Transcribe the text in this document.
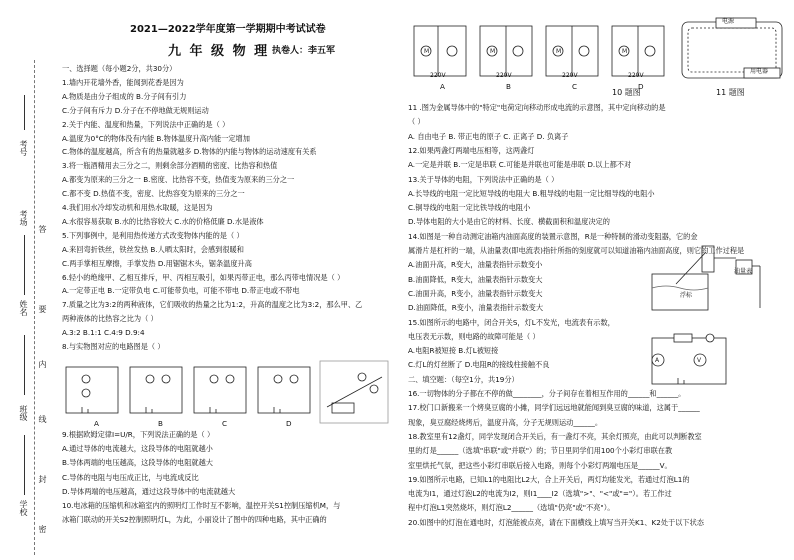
考号
考场
答
姓名 要
内
班级 线
学校
封
密
2021—2022学年度第一学期期中考试试卷
九 年 级 物 理 执卷人：李五军
一、选择题（每小题2分，共30分）
1.墙内开花墙外香，能闻到花香是因为
A.物质是由分子组成的 B.分子间有引力
C.分子间有斥力 D.分子在不停地做无规则运动
2.关于内能、温度和热量，下列说法中正确的是（ ）
A.温度为0°C的物体没有内能 B.物体温度升高内能一定增加
C.物体的温度越高，所含有的热量就越多 D.物体的内能与物体的运动速度有关系
3.将一瓶酒精用去三分之二，则剩余部分酒精的密度、比热容和热值
A.都变为原来的三分之一 B.密度、比热容不变，热值变为原来的三分之一
C.都不变 D.热值不变，密度、比热容变为原来的三分之一
4.我们用水冷却发动机和用热水取暖，这是因为
A.水很容易获取 B.水的比热容较大 C.水的价格低廉 D.水是液体
5.下列事例中，是利用热传递方式改变物体内能的是（ ）
A.来回弯折铁丝，铁丝发热 B.人晒太阳时，会感到很暖和
C.两手掌相互摩擦，手掌发热 D.用锯锯木头，锯条温度升高
6.轻小的绝缘甲、乙相互排斥，甲、丙相互吸引，如果丙带正电，那么丙带电情况是（ ）
A.一定带正电 B.一定带负电 C.可能带负电，可能不带电 D.带正电或不带电
7.质量之比为3:2的两种液体，它们吸收的热量之比为1:2，升高的温度之比为3:2，那么甲、乙
两种液体的比热容之比为（ ）
A.3:2 B.1:1 C.4:9 D.9:4
8.与实物图对应的电路图是（ ）
A	B	C	D
9.根据欧姆定律I=U/R，下列说法正确的是（ ）
A.通过导体的电流越大，这段导体的电阻就越小
B.导体两端的电压越高，这段导体的电阻就越大
C.导体的电阻与电压成正比，与电流成反比
D.导体两端的电压越高，通过这段导体中的电流就越大
10.电冰箱的压缩机和冰箱室内的照明灯工作时互不影响，温控开关S1控制压缩机M，与
冰箱门联动的开关S2控制照明灯L，为此，小丽设计了图中的四种电路，其中正确的
M	M	M	M
220V	220V	220V	220V
A	B	C	D
10 题图	11 题图
电源
用电器
油量表
浮标
A	V
11 .图为金属导体中的"特定"电荷定向移动形成电流的示意图，其中定向移动的是
（ ）
A. 自由电子 B. 带正电的原子 C. 正离子 D. 负离子
12.如果两盏灯两端电压相等，这两盏灯
A.一定是并联 B.一定是串联 C.可能是并联也可能是串联 D.以上都不对
13.关于导体的电阻，下列说法中正确的是（ ）
A.长导线的电阻一定比短导线的电阻大 B.粗导线的电阻一定比细导线的电阻小
C.铜导线的电阻一定比铁导线的电阻小
D.导体电阻的大小是由它的材料、长度、横截面积和温度决定的
14.如图是一种自动测定油箱内油面高度的装置示意图，R是一种特制的滑动变阻器，它的金
属滑片是杠杆的一端，从油量表(即电流表)指针所指的刻度就可以知道油箱内油面高度，则它的工作过程是
A.油面升高，R变大，油量表指针示数变小
B.油面降低，R变大，油量表指针示数变大
C.油面升高，R变小，油量表指针示数变大
D.油面降低，R变小，油量表指针示数变大
15.如图所示的电路中，闭合开关S，灯L不发光，电流表有示数，
电压表无示数，则电路的故障可能是（ ）
A.电阻R被短接 B.灯L被短接
C.灯L的灯丝断了 D.电阻R的接线柱接触不良
二、填空题：（每空1分，共19分）
16.一切物体的分子都在不停的做________，分子间存在着相互作用的______和______。
17.校门口新搬来一个烤臭豆腐的小摊，同学们远远地就能闻到臭豆腐的味道，这属于______
现象，臭豆腐经烧烤后，温度升高，分子无规则运动______。
18.教室里有12盏灯，同学发现闭合开关后，有一盏灯不亮，其余灯照亮，由此可以判断教室
里的灯是______（选填"串联"或"并联"）的；节日里同学们用100个小彩灯串联在教
室里烘托气氛，把这些小彩灯串联后接入电路，则每个小彩灯两端电压是______V。
19.如图所示电路，已知L1的电阻比L2大，合上开关后，两灯均能发光，若通过灯泡L1的
电流为I1，通过灯泡L2的电流为I2，则I1____I2（选填">"、"<"或"="）。若工作过
程中灯泡L1突然烧坏，则灯泡L2______（选填"仍亮"或"不亮"）。
20.如图中的灯泡在通电时，灯泡能被点亮，请在下面横线上填写当开关K1、K2处于以下状态
